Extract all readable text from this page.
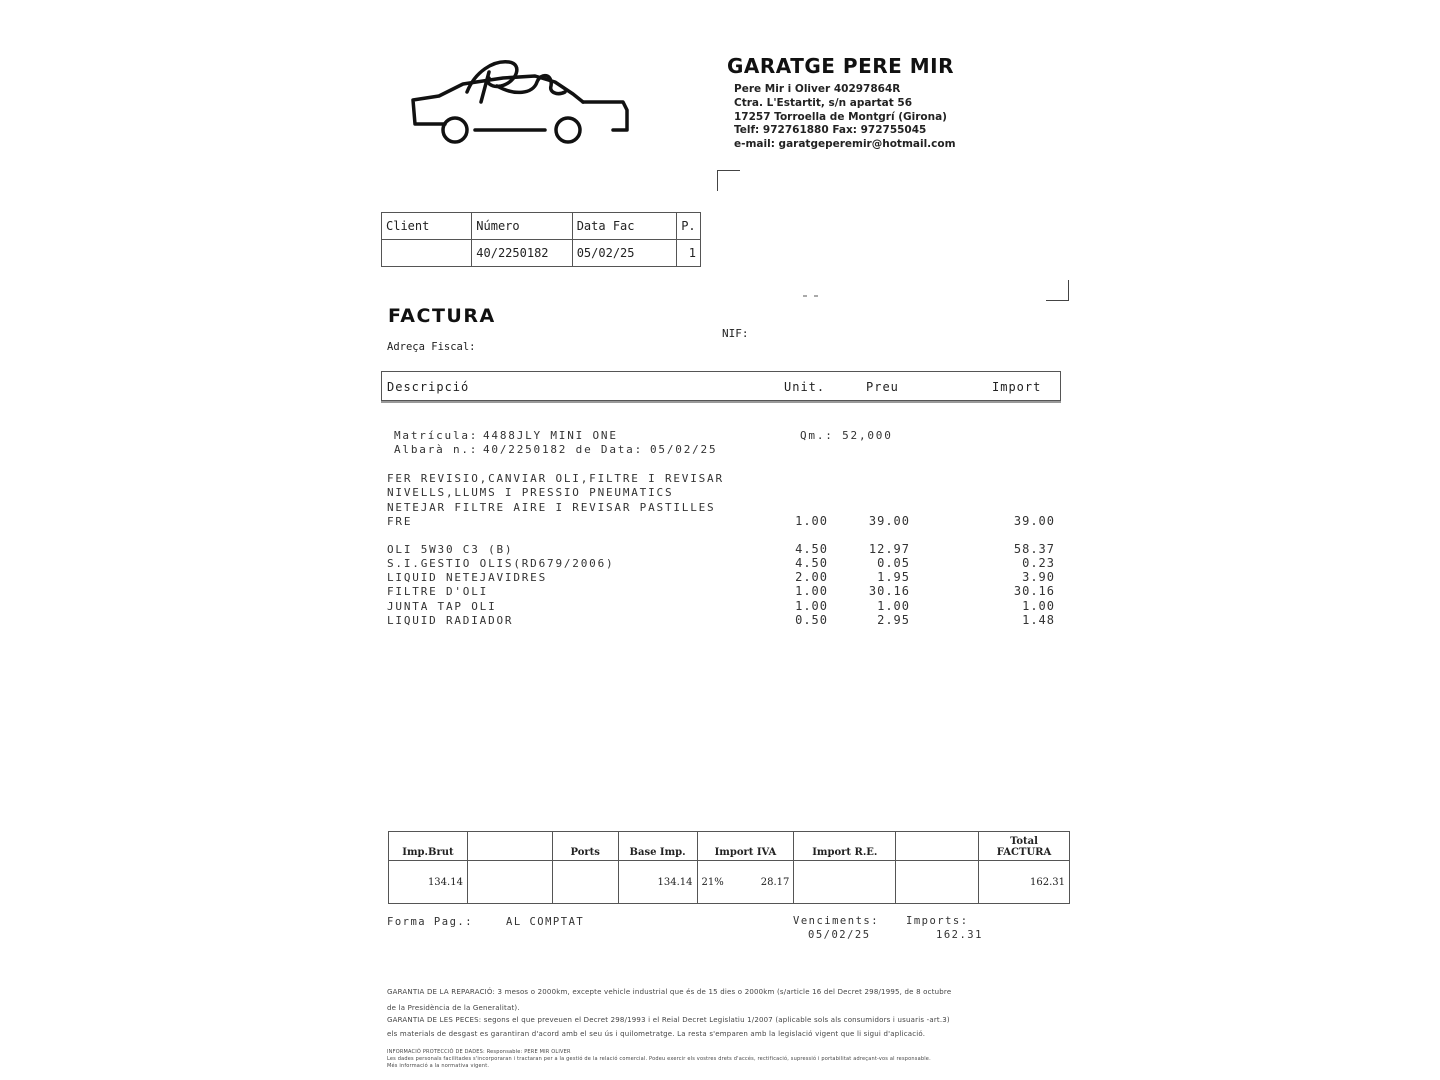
GARATGE PERE MIR
Pere Mir i Oliver 40297864R
Ctra. L'Estartit, s/n apartat 56
17257 Torroella de Montgrí (Girona)
Telf: 972761880 Fax: 972755045
e-mail: garatgeperemir@hotmail.com
Client	Número	Data Fac	P.
	40/2250182	05/02/25	1
FACTURA
Adreça Fiscal:
NIF:
Descripció	Unit.	Preu	Import
Matrícula: 4488JLY MINI ONE	Qm.: 52,000
Albarà n.: 40/2250182 de Data: 05/02/25
FER REVISIO,CANVIAR OLI,FILTRE I REVISAR
NIVELLS,LLUMS I PRESSIO PNEUMATICS
NETEJAR FILTRE AIRE I REVISAR PASTILLES
FRE	1.00	39.00	39.00
OLI 5W30 C3 (B)	4.50	12.97	58.37
S.I.GESTIO OLIS(RD679/2006)	4.50	0.05	0.23
LIQUID NETEJAVIDRES	2.00	1.95	3.90
FILTRE D'OLI	1.00	30.16	30.16
JUNTA TAP OLI	1.00	1.00	1.00
LIQUID RADIADOR	0.50	2.95	1.48
Imp.Brut		Ports	Base Imp.	Import IVA	Import R.E.		Total FACTURA
134.14			134.14	21% 28.17			162.31
Forma Pag.:	AL COMPTAT	Venciments:
05/02/25
Imports:
162.31
GARANTIA DE LA REPARACIÓ: 3 mesos o 2000km, excepte vehicle industrial que és de 15 dies o 2000km (s/article 16 del Decret 298/1995, de 8 octubre
de la Presidència de la Generalitat).
GARANTIA DE LES PECES: segons el que preveuen el Decret 298/1993 i el Reial Decret Legislatiu 1/2007 (aplicable sols als consumidors i usuaris -art.3)
els materials de desgast es garantiran d'acord amb el seu ús i quilometratge. La resta s'emparen amb la legislació vigent que li sigui d'aplicació.
INFORMACIÓ PROTECCIÓ DE DADES: Responsable: PERE MIR OLIVER
Les dades personals facilitades s'incorporaran i tractaran per a la gestió de la relació comercial. Podeu exercir els vostres drets d'accés, rectificació, supressió i portabilitat adreçant-vos al responsable.
Més informació a la normativa vigent.
